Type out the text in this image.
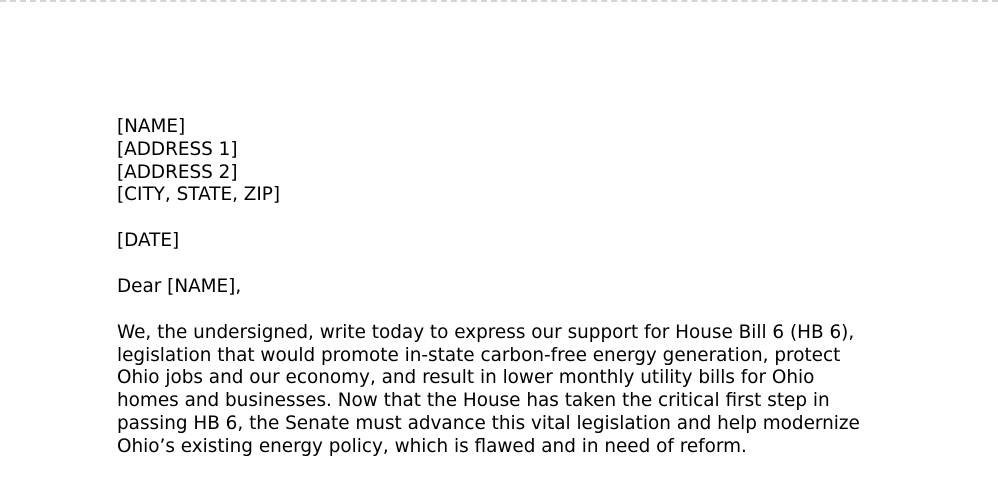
[NAME]
[ADDRESS 1]
[ADDRESS 2]
[CITY, STATE, ZIP]

[DATE]

Dear [NAME],

We, the undersigned, write today to express our support for House Bill 6 (HB 6), legislation that would promote in-state carbon-free energy generation, protect Ohio jobs and our economy, and result in lower monthly utility bills for Ohio homes and businesses. Now that the House has taken the critical first step in passing HB 6, the Senate must advance this vital legislation and help modernize Ohio’s existing energy policy, which is flawed and in need of reform.
